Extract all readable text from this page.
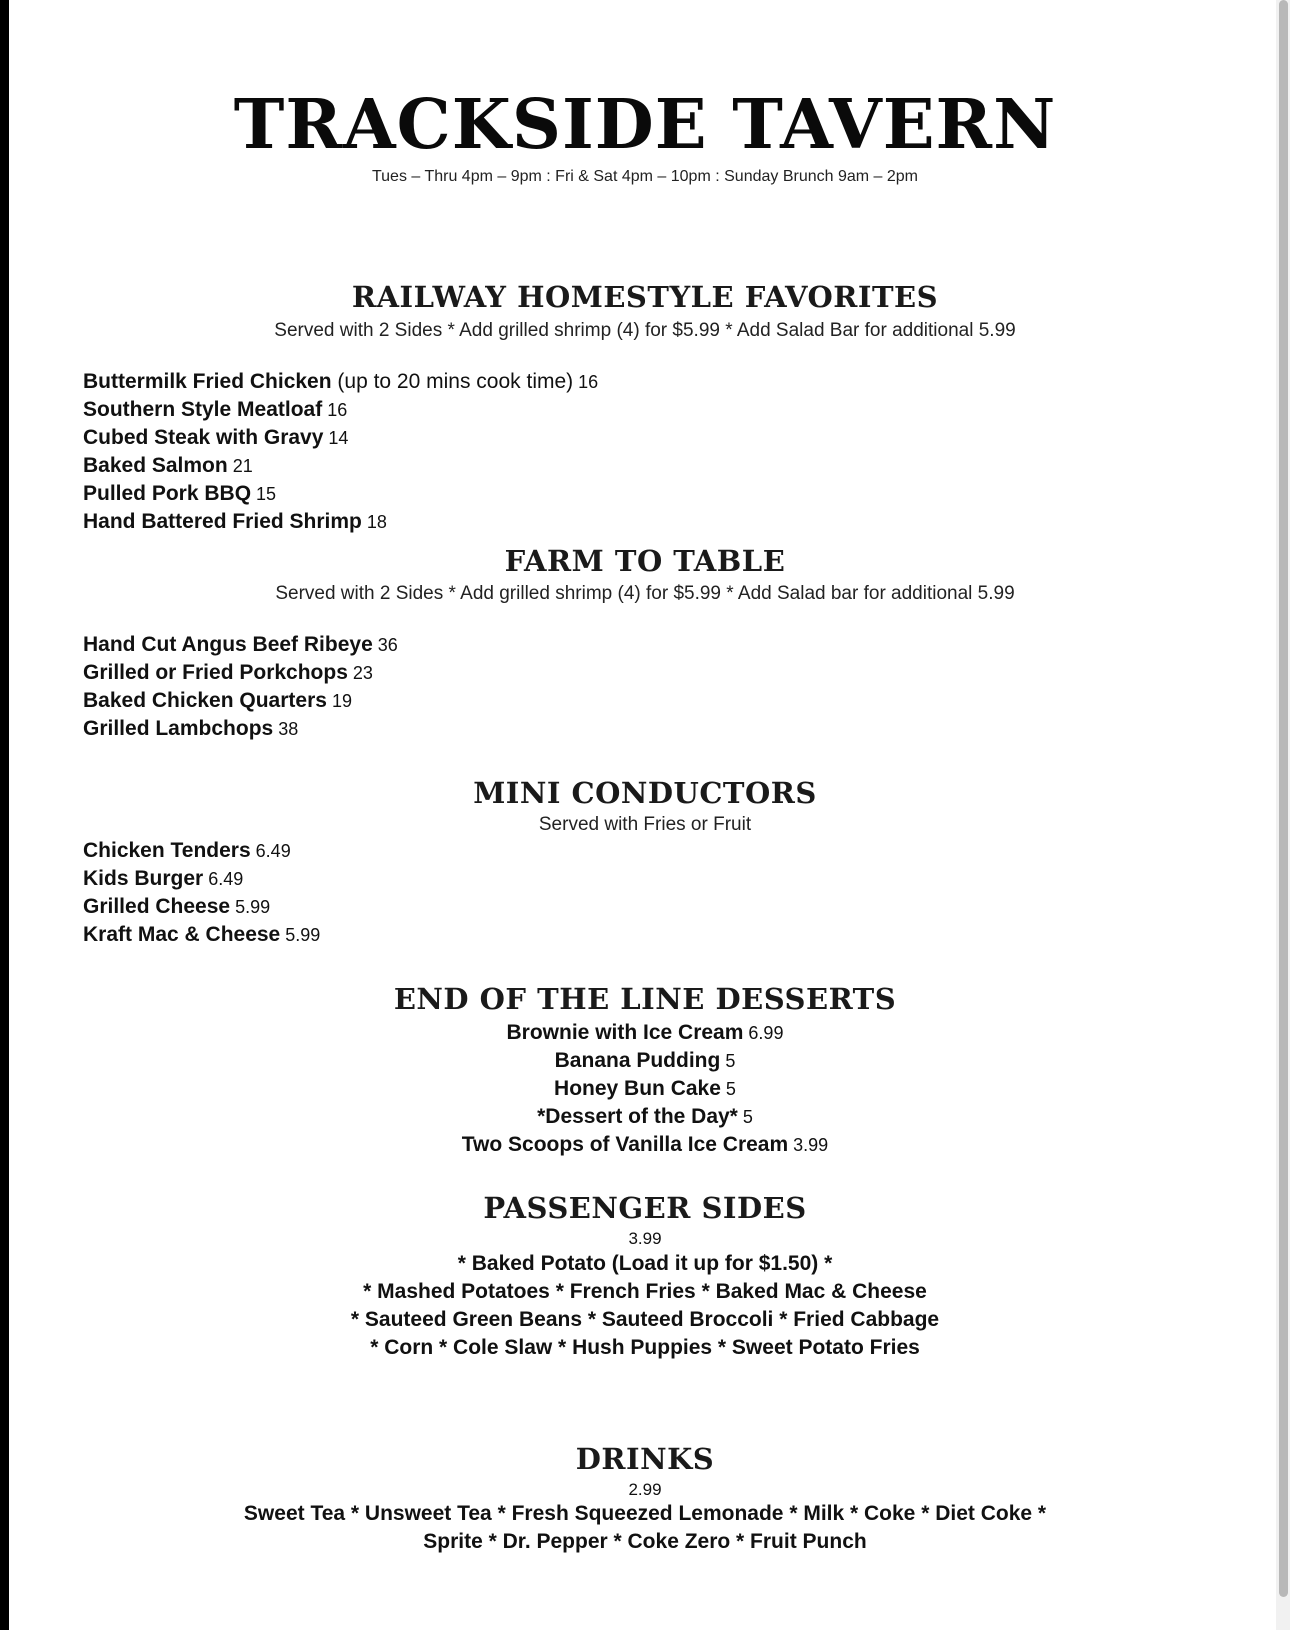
TRACKSIDE TAVERN
Tues – Thru 4pm – 9pm : Fri & Sat 4pm – 10pm : Sunday Brunch 9am – 2pm
RAILWAY HOMESTYLE FAVORITES
Served with 2 Sides * Add grilled shrimp (4) for $5.99 * Add Salad Bar for additional 5.99
Buttermilk Fried Chicken (up to 20 mins cook time) 16
Southern Style Meatloaf 16
Cubed Steak with Gravy 14
Baked Salmon 21
Pulled Pork BBQ 15
Hand Battered Fried Shrimp 18
FARM TO TABLE
Served with 2 Sides * Add grilled shrimp (4) for $5.99 * Add Salad bar for additional 5.99
Hand Cut Angus Beef Ribeye 36
Grilled or Fried Porkchops 23
Baked Chicken Quarters 19
Grilled Lambchops 38
MINI CONDUCTORS
Served with Fries or Fruit
Chicken Tenders 6.49
Kids Burger 6.49
Grilled Cheese 5.99
Kraft Mac & Cheese 5.99
END OF THE LINE DESSERTS
Brownie with Ice Cream 6.99
Banana Pudding 5
Honey Bun Cake 5
*Dessert of the Day* 5
Two Scoops of Vanilla Ice Cream 3.99
PASSENGER SIDES
3.99
* Baked Potato (Load it up for $1.50) *
* Mashed Potatoes * French Fries * Baked Mac & Cheese
* Sauteed Green Beans * Sauteed Broccoli * Fried Cabbage
* Corn * Cole Slaw * Hush Puppies * Sweet Potato Fries
DRINKS
2.99
Sweet Tea * Unsweet Tea * Fresh Squeezed Lemonade * Milk * Coke * Diet Coke *
Sprite * Dr. Pepper * Coke Zero * Fruit Punch
